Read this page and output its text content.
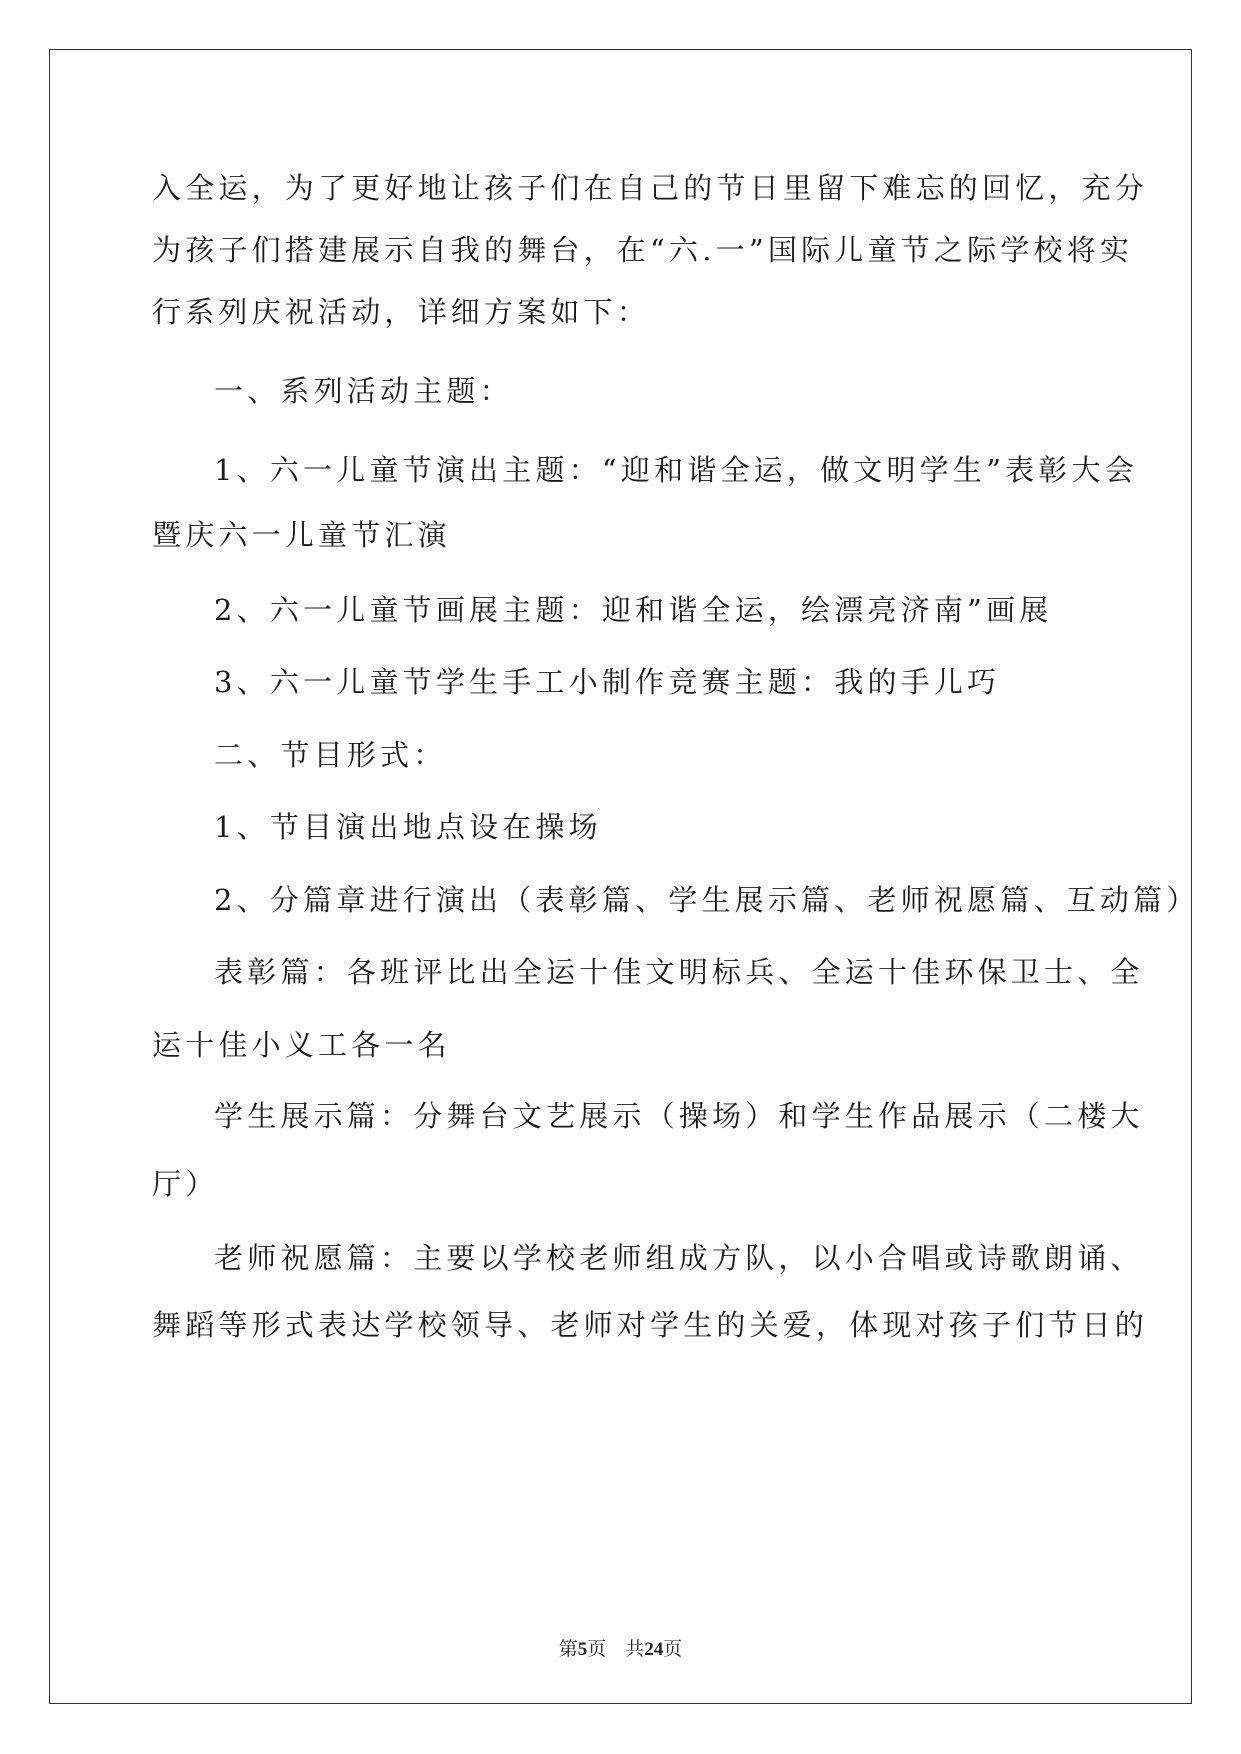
入全运，为了更好地让孩子们在自己的节日里留下难忘的回忆，充分
为孩子们搭建展示自我的舞台，在“六.一”国际儿童节之际学校将实
行系列庆祝活动，详细方案如下：
一、系列活动主题：
1、六一儿童节演出主题：“迎和谐全运，做文明学生”表彰大会
暨庆六一儿童节汇演
2、六一儿童节画展主题：迎和谐全运，绘漂亮济南”画展
3、六一儿童节学生手工小制作竞赛主题：我的手儿巧
二、节目形式：
1、节目演出地点设在操场
2、分篇章进行演出（表彰篇、学生展示篇、老师祝愿篇、互动篇）
表彰篇：各班评比出全运十佳文明标兵、全运十佳环保卫士、全
运十佳小义工各一名
学生展示篇：分舞台文艺展示（操场）和学生作品展示（二楼大
厅）
老师祝愿篇：主要以学校老师组成方队，以小合唱或诗歌朗诵、
舞蹈等形式表达学校领导、老师对学生的关爱，体现对孩子们节日的
第5页 共24页
